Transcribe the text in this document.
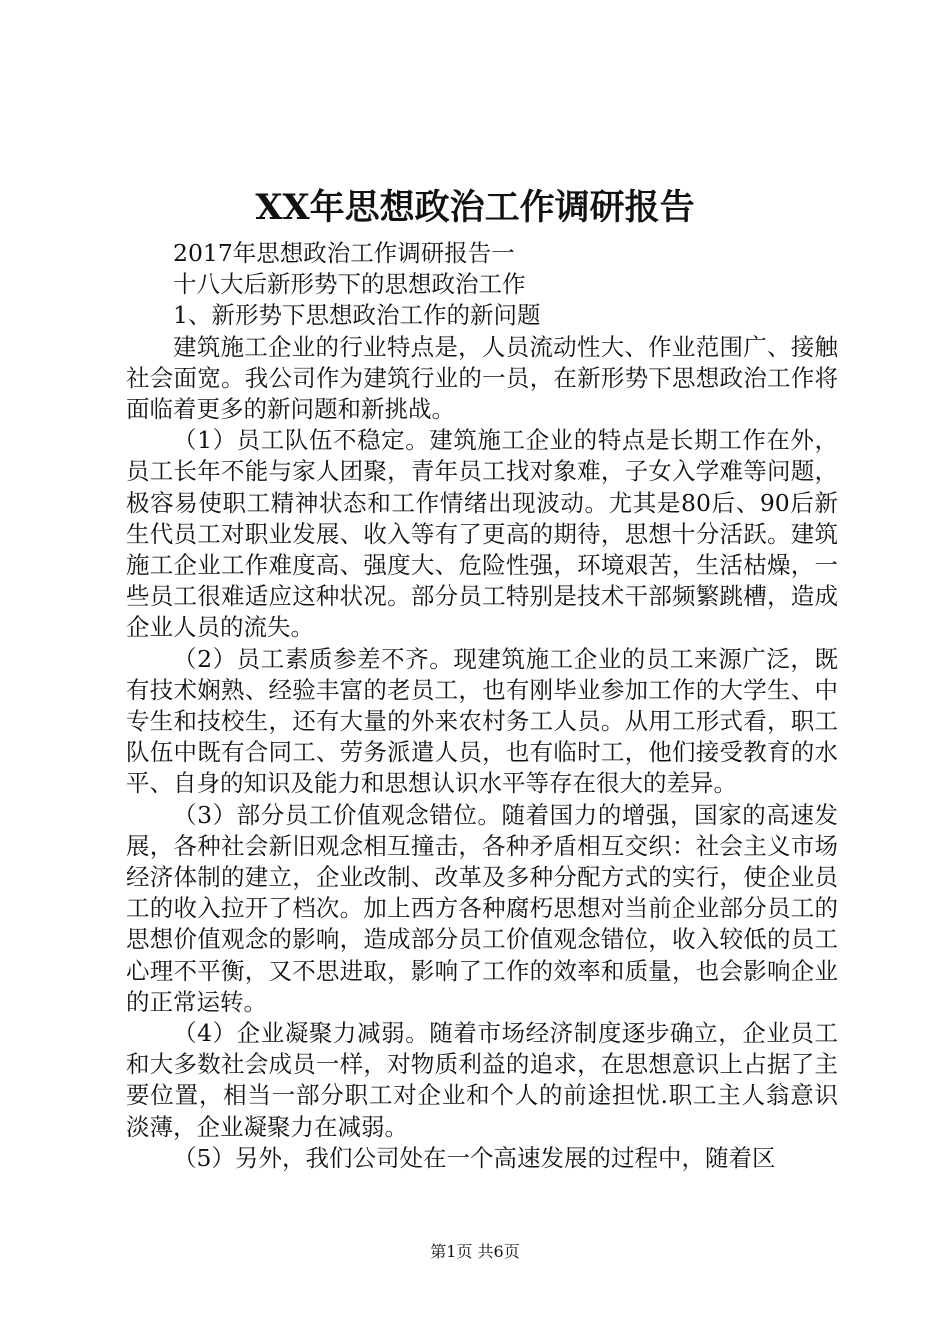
XX年思想政治工作调研报告

2017年思想政治工作调研报告一

十八大后新形势下的思想政治工作

1、新形势下思想政治工作的新问题

建筑施工企业的行业特点是，人员流动性大、作业范围广、接触社会面宽。我公司作为建筑行业的一员，在新形势下思想政治工作将面临着更多的新问题和新挑战。

（1）员工队伍不稳定。建筑施工企业的特点是长期工作在外，员工长年不能与家人团聚，青年员工找对象难，子女入学难等问题，极容易使职工精神状态和工作情绪出现波动。尤其是80后、90后新生代员工对职业发展、收入等有了更高的期待，思想十分活跃。建筑施工企业工作难度高、强度大、危险性强，环境艰苦，生活枯燥，一些员工很难适应这种状况。部分员工特别是技术干部频繁跳槽，造成企业人员的流失。

（2）员工素质参差不齐。现建筑施工企业的员工来源广泛，既有技术娴熟、经验丰富的老员工，也有刚毕业参加工作的大学生、中专生和技校生，还有大量的外来农村务工人员。从用工形式看，职工队伍中既有合同工、劳务派遣人员，也有临时工，他们接受教育的水平、自身的知识及能力和思想认识水平等存在很大的差异。

（3）部分员工价值观念错位。随着国力的增强，国家的高速发展，各种社会新旧观念相互撞击，各种矛盾相互交织：社会主义市场经济体制的建立，企业改制、改革及多种分配方式的实行，使企业员工的收入拉开了档次。加上西方各种腐朽思想对当前企业部分员工的思想价值观念的影响，造成部分员工价值观念错位，收入较低的员工心理不平衡，又不思进取，影响了工作的效率和质量，也会影响企业的正常运转。

（4）企业凝聚力减弱。随着市场经济制度逐步确立，企业员工和大多数社会成员一样，对物质利益的追求，在思想意识上占据了主要位置，相当一部分职工对企业和个人的前途担忧.职工主人翁意识淡薄，企业凝聚力在减弱。

（5）另外，我们公司处在一个高速发展的过程中，随着区

第1页 共6页
